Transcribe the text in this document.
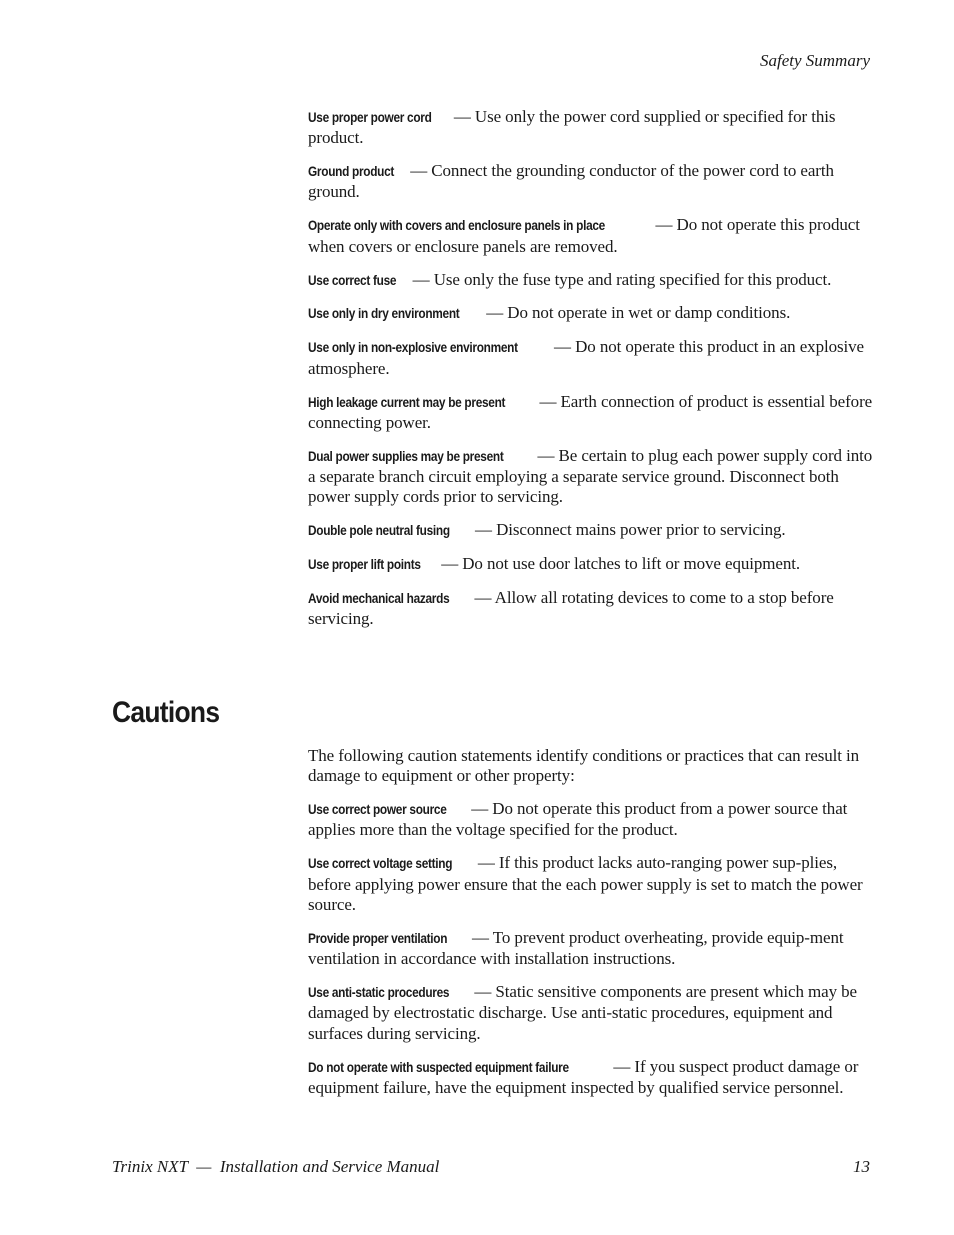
Safety Summary

Use proper power cord — Use only the power cord supplied or specified for this product.

Ground product — Connect the grounding conductor of the power cord to earth ground.

Operate only with covers and enclosure panels in place	— Do not operate this product when covers or enclosure panels are removed.

Use correct fuse — Use only the fuse type and rating specified for this product.

Use only in dry environment — Do not operate in wet or damp conditions.

Use only in non-explosive environment — Do not operate this product in an explosive atmosphere.

High leakage current may be present — Earth connection of product is essential before connecting power.

Dual power supplies may be present — Be certain to plug each power supply cord into a separate branch circuit employing a separate service ground. Disconnect both power supply cords prior to servicing.

Double pole neutral fusing — Disconnect mains power prior to servicing.

Use proper lift points — Do not use door latches to lift or move equipment.

Avoid mechanical hazards — Allow all rotating devices to come to a stop before servicing.

Cautions

The following caution statements identify conditions or practices that can result in damage to equipment or other property:

Use correct power source — Do not operate this product from a power source that applies more than the voltage specified for the product.

Use correct voltage setting — If this product lacks auto-ranging power sup-plies, before applying power ensure that the each power supply is set to match the power source.

Provide proper ventilation — To prevent product overheating, provide equip-ment ventilation in accordance with installation instructions.

Use anti-static procedures — Static sensitive components are present which may be damaged by electrostatic discharge. Use anti-static procedures, equipment and surfaces during servicing.

Do not operate with suspected equipment failure — If you suspect product damage or equipment failure, have the equipment inspected by qualified service personnel.

Trinix NXT  —  Installation and Service Manual	13
